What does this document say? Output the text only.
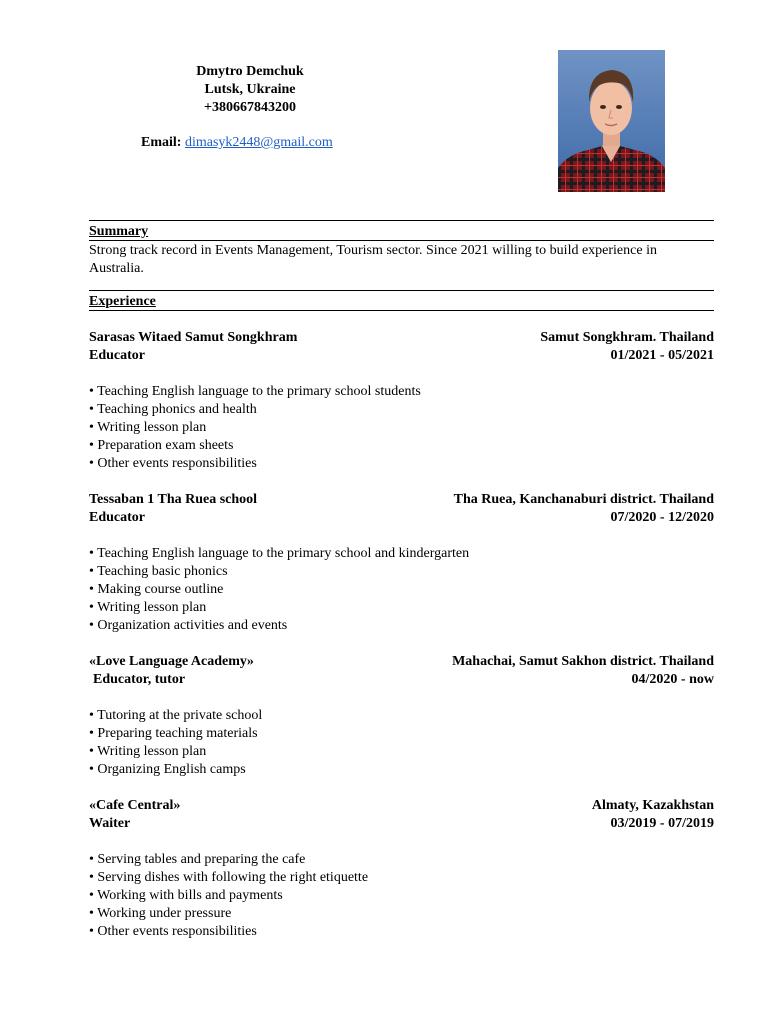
Dmytro Demchuk
Lutsk, Ukraine
+380667843200
Email: dimasyk2448@gmail.com
Summary
Strong track record in Events Management, Tourism sector. Since 2021 willing to build experience in Australia.
Experience
Sarasas Witaed Samut Songkhram	Samut Songkhram. Thailand
Educator	01/2021 - 05/2021
• Teaching English language to the primary school students
• Teaching phonics and health
• Writing lesson plan
• Preparation exam sheets
• Other events responsibilities
Tessaban 1 Tha Ruea school	Tha Ruea, Kanchanaburi district. Thailand
Educator	07/2020 - 12/2020
• Teaching English language to the primary school and kindergarten
• Teaching basic phonics
• Making course outline
• Writing lesson plan
• Organization activities and events
«Love Language Academy»	Mahachai, Samut Sakhon district. Thailand
Educator, tutor	04/2020 - now
• Tutoring at the private school
• Preparing teaching materials
• Writing lesson plan
• Organizing English camps
«Cafe Central»	Almaty, Kazakhstan
Waiter	03/2019 - 07/2019
• Serving tables and preparing the cafe
• Serving dishes with following the right etiquette
• Working with bills and payments
• Working under pressure
• Other events responsibilities
